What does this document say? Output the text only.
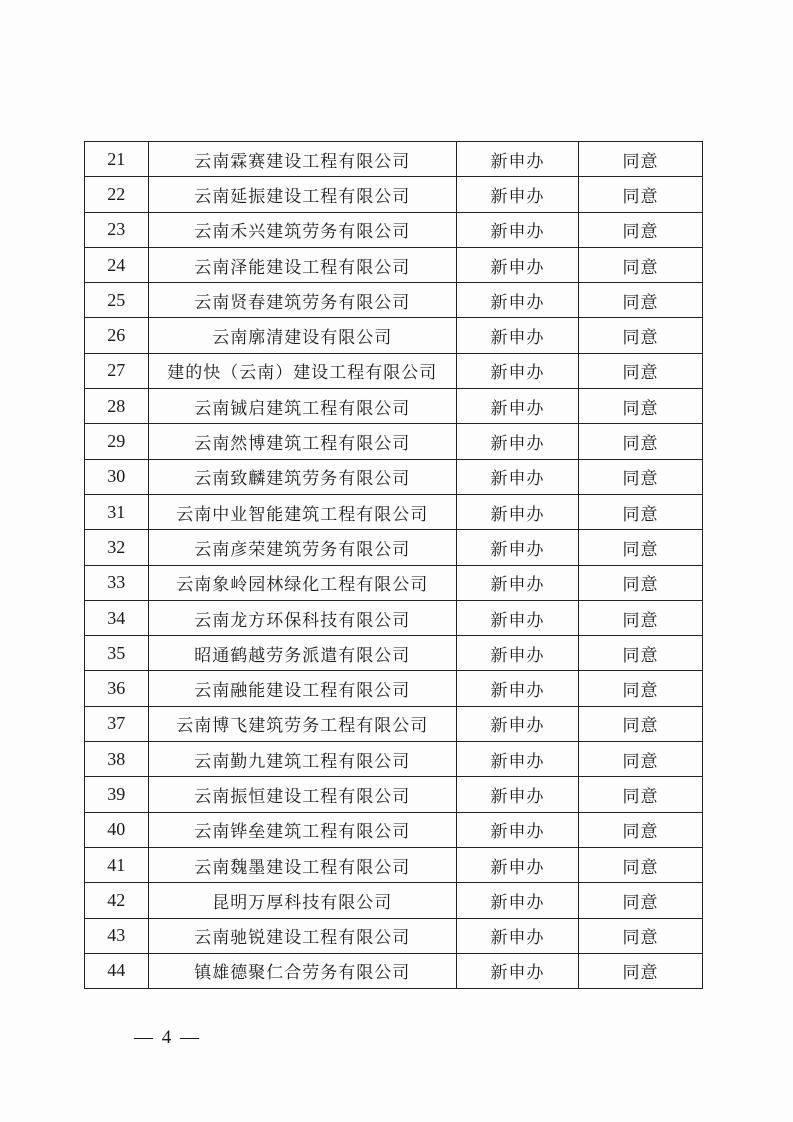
21	云南霖赛建设工程有限公司	新申办	同意
22	云南延振建设工程有限公司	新申办	同意
23	云南禾兴建筑劳务有限公司	新申办	同意
24	云南泽能建设工程有限公司	新申办	同意
25	云南贤春建筑劳务有限公司	新申办	同意
26	云南廓清建设有限公司	新申办	同意
27	建的快（云南）建设工程有限公司	新申办	同意
28	云南铖启建筑工程有限公司	新申办	同意
29	云南然博建筑工程有限公司	新申办	同意
30	云南致麟建筑劳务有限公司	新申办	同意
31	云南中业智能建筑工程有限公司	新申办	同意
32	云南彦荣建筑劳务有限公司	新申办	同意
33	云南象岭园林绿化工程有限公司	新申办	同意
34	云南龙方环保科技有限公司	新申办	同意
35	昭通鹤越劳务派遣有限公司	新申办	同意
36	云南融能建设工程有限公司	新申办	同意
37	云南博飞建筑劳务工程有限公司	新申办	同意
38	云南勤九建筑工程有限公司	新申办	同意
39	云南振恒建设工程有限公司	新申办	同意
40	云南铧垒建筑工程有限公司	新申办	同意
41	云南魏墨建设工程有限公司	新申办	同意
42	昆明万厚科技有限公司	新申办	同意
43	云南驰锐建设工程有限公司	新申办	同意
44	镇雄德聚仁合劳务有限公司	新申办	同意
— 4 —
